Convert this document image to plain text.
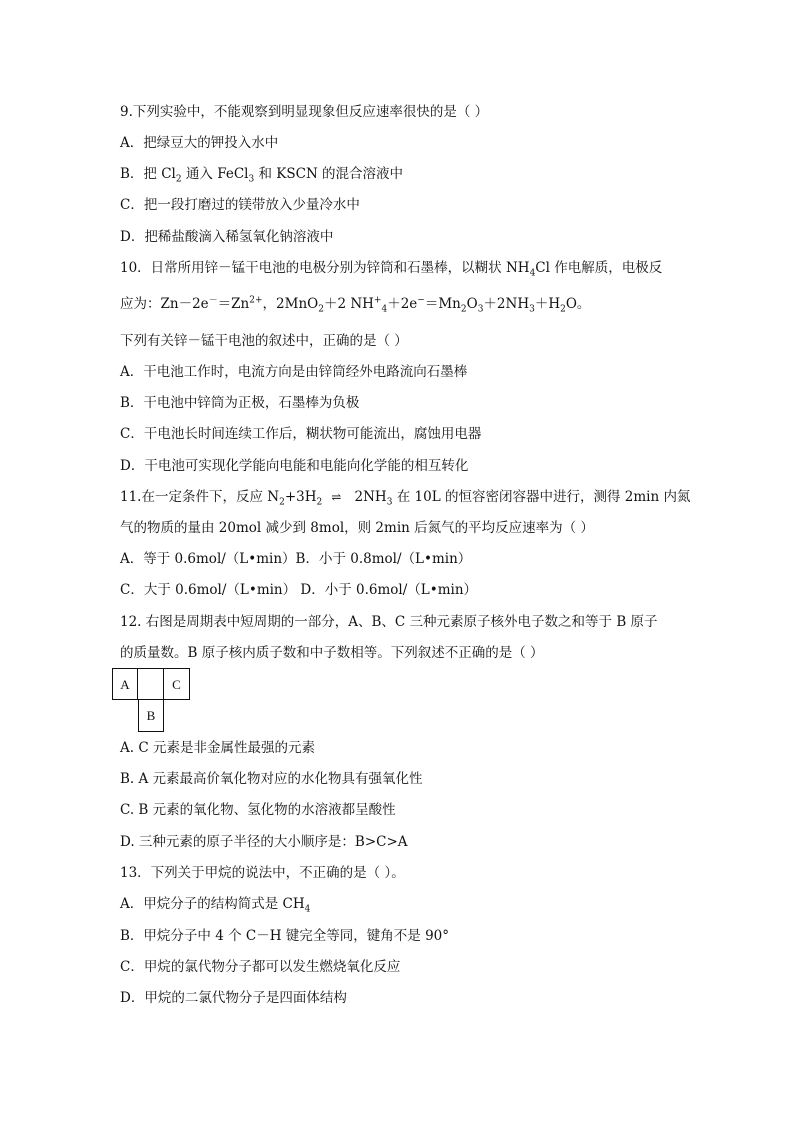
9.下列实验中，不能观察到明显现象但反应速率很快的是（ ）
A．把绿豆大的钾投入水中
B．把 $Cl_2$ 通入 FeCl$_3$ 和 KSCN 的混合溶液中
C．把一段打磨过的镁带放入少量冷水中
D．把稀盐酸滴入稀氢氧化钠溶液中
10．日常所用锌－锰干电池的电极分别为锌筒和石墨棒，以糊状 $NH_4Cl$ 作电解质，电极反
应为：$Zn-2e^-=Zn^{2+}$，2MnO$_2$＋2 $NH^+_4+2e^-=Mn_2O_3+2NH_3+H_2O$。
下列有关锌－锰干电池的叙述中，正确的是（ ）
A．干电池工作时，电流方向是由锌筒经外电路流向石墨棒
B．干电池中锌筒为正极，石墨棒为负极
C．干电池长时间连续工作后，糊状物可能流出，腐蚀用电器
D．干电池可实现化学能向电能和电能向化学能的相互转化
11.在一定条件下，反应 $N_2+3H_2$ ⇌ $2NH_3$ 在 10L 的恒容密闭容器中进行，测得 2min 内氮
气的物质的量由 20mol 减少到 8mol，则 2min 后氮气的平均反应速率为（ ）
A．等于 0.6mol/（L•min）B．小于 0.8mol/（L•min）
C．大于 0.6mol/（L•min） D．小于 0.6mol/（L•min）
12. 右图是周期表中短周期的一部分，A、B、C 三种元素原子核外电子数之和等于 B 原子
的质量数。B 原子核内质子数和中子数相等。下列叙述不正确的是（ ）
A	C
B
A. C 元素是非金属性最强的元素
B. A 元素最高价氧化物对应的水化物具有强氧化性
C. B 元素的氧化物、氢化物的水溶液都呈酸性
D. 三种元素的原子半径的大小顺序是：B>C>A
13．下列关于甲烷的说法中，不正确的是（ ）。
A．甲烷分子的结构简式是 $CH_4$
B．甲烷分子中 4 个 C－H 键完全等同，键角不是 90°
C．甲烷的氯代物分子都可以发生燃烧氧化反应
D．甲烷的二氯代物分子是四面体结构
